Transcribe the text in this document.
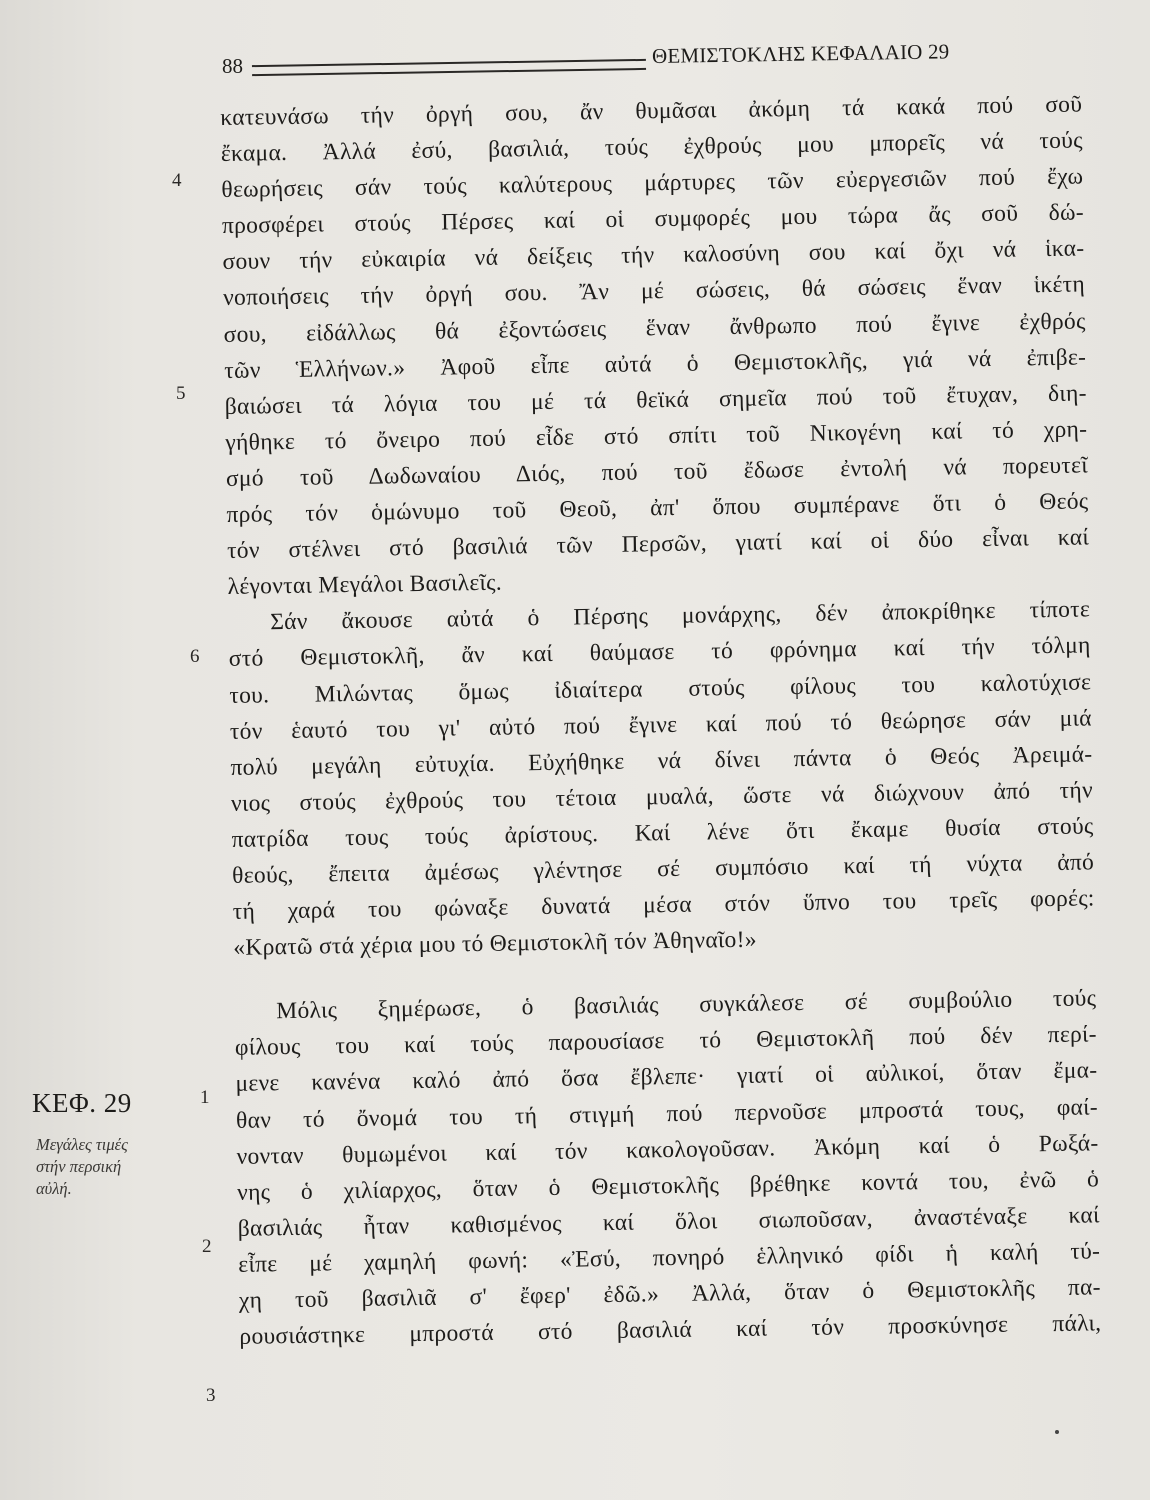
88	ΘΕΜΙΣΤΟΚΛΗΣ ΚΕΦΑΛΑΙΟ 29
4
5
6
1
2
3
ΚΕΦ. 29
Μεγάλες τιμές
στήν περσική
αὐλή.
κατευνάσω τήν ὀργή σου, ἄν θυμᾶσαι ἀκόμη τά κακά πού σοῦ
ἔκαμα. Ἀλλά ἐσύ, βασιλιά, τούς ἐχθρούς μου μπορεῖς νά τούς
θεωρήσεις σάν τούς καλύτερους μάρτυρες τῶν εὐεργεσιῶν πού ἔχω
προσφέρει στούς Πέρσες καί οἱ συμφορές μου τώρα ἄς σοῦ δώ-
σουν τήν εὐκαιρία νά δείξεις τήν καλοσύνη σου καί ὄχι νά ἱκα-
νοποιήσεις τήν ὀργή σου. Ἄν μέ σώσεις, θά σώσεις ἕναν ἱκέτη
σου, εἰδάλλως θά ἐξοντώσεις ἕναν ἄνθρωπο πού ἔγινε ἐχθρός
τῶν Ἑλλήνων.» Ἀφοῦ εἶπε αὐτά ὁ Θεμιστοκλῆς, γιά νά ἐπιβε-
βαιώσει τά λόγια του μέ τά θεϊκά σημεῖα πού τοῦ ἔτυχαν, διη-
γήθηκε τό ὄνειρο πού εἶδε στό σπίτι τοῦ Νικογένη καί τό χρη-
σμό τοῦ Δωδωναίου Διός, πού τοῦ ἔδωσε ἐντολή νά πορευτεῖ
πρός τόν ὁμώνυμο τοῦ Θεοῦ, ἀπ' ὅπου συμπέρανε ὅτι ὁ Θεός
τόν στέλνει στό βασιλιά τῶν Περσῶν, γιατί καί οἱ δύο εἶναι καί
λέγονται Μεγάλοι Βασιλεῖς.
Σάν ἄκουσε αὐτά ὁ Πέρσης μονάρχης, δέν ἀποκρίθηκε τίποτε
στό Θεμιστοκλῆ, ἄν καί θαύμασε τό φρόνημα καί τήν τόλμη
του. Μιλώντας ὅμως ἰδιαίτερα στούς φίλους του καλοτύχισε
τόν ἑαυτό του γι' αὐτό πού ἔγινε καί πού τό θεώρησε σάν μιά
πολύ μεγάλη εὐτυχία. Εὐχήθηκε νά δίνει πάντα ὁ Θεός Ἀρειμά-
νιος στούς ἐχθρούς του τέτοια μυαλά, ὥστε νά διώχνουν ἀπό τήν
πατρίδα τους τούς ἀρίστους. Καί λένε ὅτι ἔκαμε θυσία στούς
θεούς, ἔπειτα ἀμέσως γλέντησε σέ συμπόσιο καί τή νύχτα ἀπό
τή χαρά του φώναξε δυνατά μέσα στόν ὕπνο του τρεῖς φορές:
«Κρατῶ στά χέρια μου τό Θεμιστοκλῆ τόν Ἀθηναῖο!»
Μόλις ξημέρωσε, ὁ βασιλιάς συγκάλεσε σέ συμβούλιο τούς
φίλους του καί τούς παρουσίασε τό Θεμιστοκλῆ πού δέν περί-
μενε κανένα καλό ἀπό ὅσα ἔβλεπε· γιατί οἱ αὐλικοί, ὅταν ἔμα-
θαν τό ὄνομά του τή στιγμή πού περνοῦσε μπροστά τους, φαί-
νονταν θυμωμένοι καί τόν κακολογοῦσαν. Ἀκόμη καί ὁ Ρωξά-
νης ὁ χιλίαρχος, ὅταν ὁ Θεμιστοκλῆς βρέθηκε κοντά του, ἐνῶ ὁ
βασιλιάς ἦταν καθισμένος καί ὅλοι σιωποῦσαν, ἀναστέναξε καί
εἶπε μέ χαμηλή φωνή: «Ἐσύ, πονηρό ἑλληνικό φίδι ἡ καλή τύ-
χη τοῦ βασιλιᾶ σ' ἔφερ' ἐδῶ.» Ἀλλά, ὅταν ὁ Θεμιστοκλῆς πα-
ρουσιάστηκε μπροστά στό βασιλιά καί τόν προσκύνησε πάλι,
